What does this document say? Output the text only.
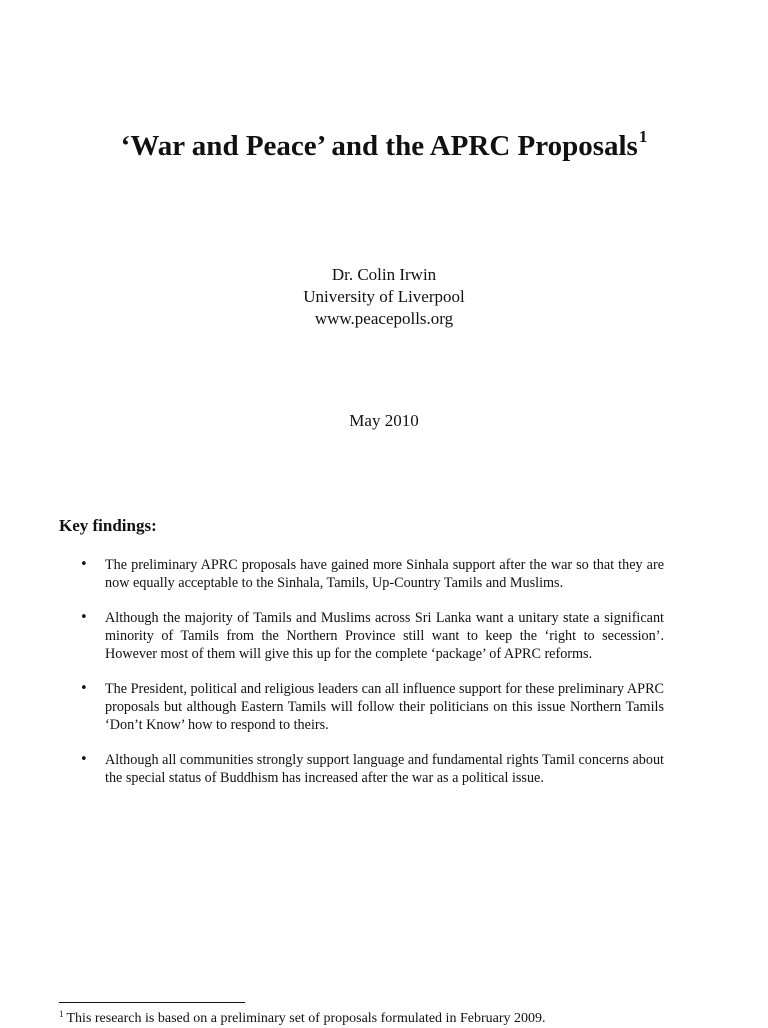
‘War and Peace’ and the APRC Proposals$^1$
Dr. Colin Irwin
University of Liverpool
www.peacepolls.org
May 2010
Key findings:
• The preliminary APRC proposals have gained more Sinhala support after the war so that they are now equally acceptable to the Sinhala, Tamils, Up-Country Tamils and Muslims.
• Although the majority of Tamils and Muslims across Sri Lanka want a unitary state a significant minority of Tamils from the Northern Province still want to keep the ‘right to secession’. However most of them will give this up for the complete ‘package’ of APRC reforms.
• The President, political and religious leaders can all influence support for these preliminary APRC proposals but although Eastern Tamils will follow their politicians on this issue Northern Tamils ‘Don’t Know’ how to respond to theirs.
• Although all communities strongly support language and fundamental rights Tamil concerns about the special status of Buddhism has increased after the war as a political issue.
$^1$ This research is based on a preliminary set of proposals formulated in February 2009.
